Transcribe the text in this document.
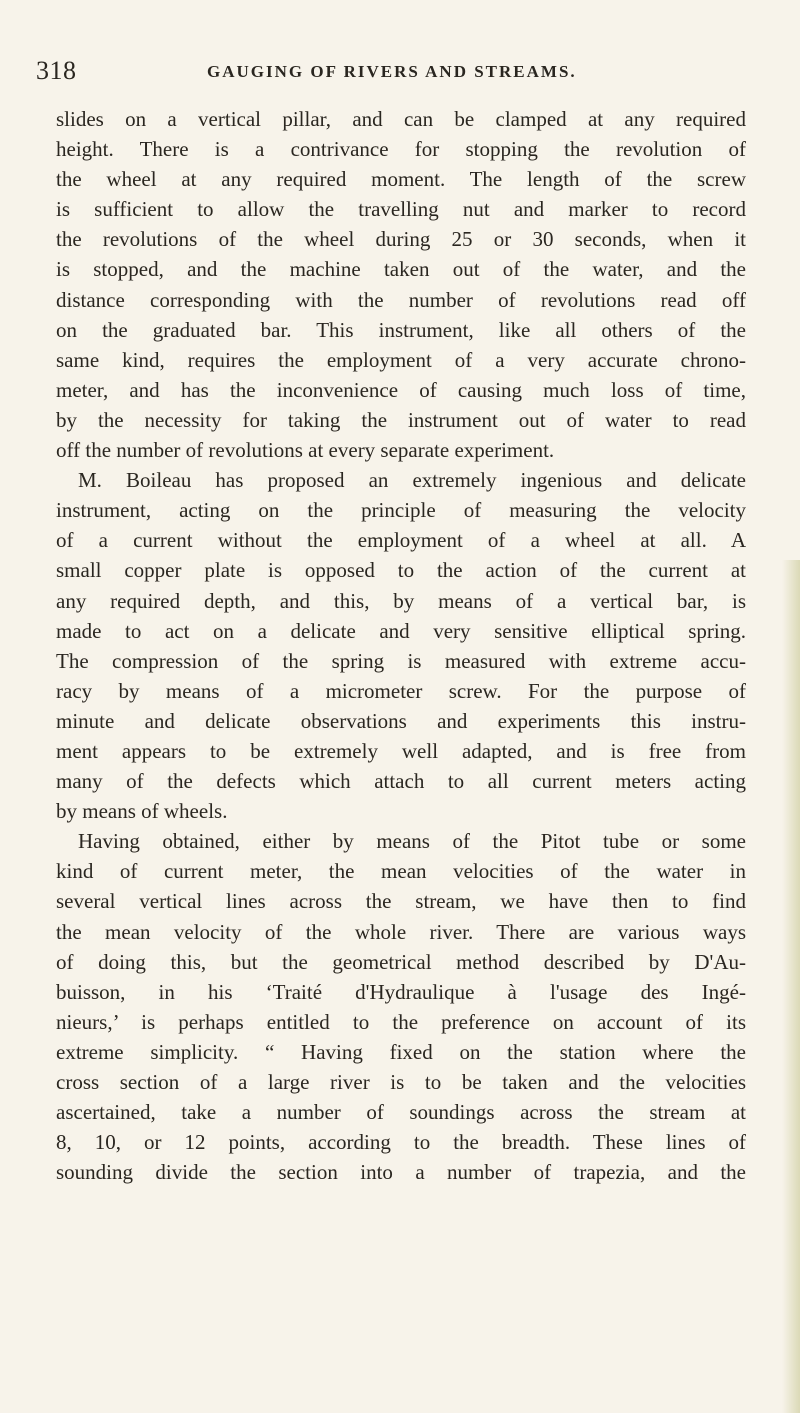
318	GAUGING OF RIVERS AND STREAMS.
slides on a vertical pillar, and can be clamped at any required
height. There is a contrivance for stopping the revolution of
the wheel at any required moment. The length of the screw
is sufficient to allow the travelling nut and marker to record
the revolutions of the wheel during 25 or 30 seconds, when it
is stopped, and the machine taken out of the water, and the
distance corresponding with the number of revolutions read off
on the graduated bar. This instrument, like all others of the
same kind, requires the employment of a very accurate chrono-
meter, and has the inconvenience of causing much loss of time,
by the necessity for taking the instrument out of water to read
off the number of revolutions at every separate experiment.
M. Boileau has proposed an extremely ingenious and delicate
instrument, acting on the principle of measuring the velocity
of a current without the employment of a wheel at all. A
small copper plate is opposed to the action of the current at
any required depth, and this, by means of a vertical bar, is
made to act on a delicate and very sensitive elliptical spring.
The compression of the spring is measured with extreme accu-
racy by means of a micrometer screw. For the purpose of
minute and delicate observations and experiments this instru-
ment appears to be extremely well adapted, and is free from
many of the defects which attach to all current meters acting
by means of wheels.
Having obtained, either by means of the Pitot tube or some
kind of current meter, the mean velocities of the water in
several vertical lines across the stream, we have then to find
the mean velocity of the whole river. There are various ways
of doing this, but the geometrical method described by D'Au-
buisson, in his ‘Traité d'Hydraulique à l'usage des Ingé-
nieurs,’ is perhaps entitled to the preference on account of its
extreme simplicity. “ Having fixed on the station where the
cross section of a large river is to be taken and the velocities
ascertained, take a number of soundings across the stream at
8, 10, or 12 points, according to the breadth. These lines of
sounding divide the section into a number of trapezia, and the
